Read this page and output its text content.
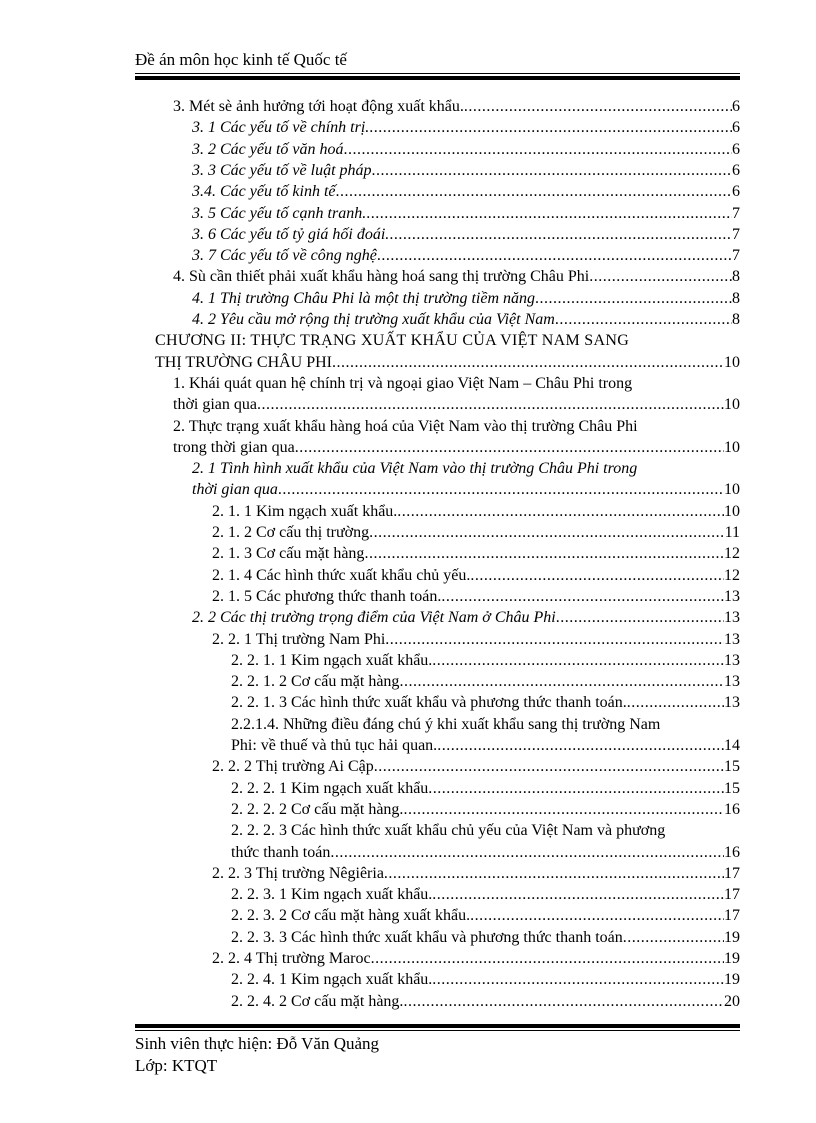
Đề án môn học kinh tế Quốc tế
3. Mét sè ảnh hưởng tới hoạt động xuất khẩu. .....	6
3. 1 Các yếu tố về chính trị. .....	6
3. 2 Các yếu tố văn hoá .....	6
3. 3 Các yếu tố về luật pháp .....	6
3.4. Các yếu tố kinh tế .....	6
3. 5 Các yếu tố cạnh tranh. .....	7
3. 6 Các yếu tố tỷ giá hối đoái. .....	7
3. 7 Các yếu tố về công nghệ .....	7
4. Sù cần thiết phải xuất khẩu hàng hoá sang thị trường Châu Phi .....	8
4. 1 Thị trường Châu Phi là một thị trường tiềm năng .....	8
4. 2 Yêu cầu mở rộng thị trường xuất khẩu của Việt Nam .....	8
CHƯƠNG II: THỰC TRẠNG XUẤT KHẨU CỦA VIỆT NAM SANG
THỊ TRƯỜNG CHÂU PHI .....	10
1. Khái quát quan hệ chính trị và ngoại giao Việt Nam – Châu Phi trong
thời gian qua .....	10
2. Thực trạng xuất khẩu hàng hoá của Việt Nam vào thị trường Châu Phi
trong thời gian qua .....	10
2. 1 Tình hình xuất khẩu của Việt Nam vào thị trường Châu Phi trong
thời gian qua .....	10
2. 1. 1 Kim ngạch xuất khẩu. .....	10
2. 1. 2 Cơ cấu thị trường .....	11
2. 1. 3 Cơ cấu mặt hàng .....	12
2. 1. 4 Các hình thức xuất khẩu chủ yếu. .....	12
2. 1. 5 Các phương thức thanh toán. .....	13
2. 2 Các thị trường trọng điểm của Việt Nam ở Châu Phi .....	13
2. 2. 1 Thị trường Nam Phi .....	13
2. 2. 1. 1 Kim ngạch xuất khẩu. .....	13
2. 2. 1. 2 Cơ cấu mặt hàng .....	13
2. 2. 1. 3 Các hình thức xuất khẩu và phương thức thanh toán. .....	13
2.2.1.4. Những điều đáng chú ý khi xuất khẩu sang thị trường Nam
Phi: về thuế và thủ tục hải quan. .....	14
2. 2. 2 Thị trường Ai Cập .....	15
2. 2. 2. 1 Kim ngạch xuất khẩu .....	15
2. 2. 2. 2 Cơ cấu mặt hàng. .....	16
2. 2. 2. 3 Các hình thức xuất khẩu chủ yếu của Việt Nam và phương
thức thanh toán .....	16
2. 2. 3 Thị trường Nêgiêria .....	17
2. 2. 3. 1 Kim ngạch xuất khẩu. .....	17
2. 2. 3. 2 Cơ cấu mặt hàng xuất khẩu. .....	17
2. 2. 3. 3 Các hình thức xuất khẩu và phương thức thanh toán .....	19
2. 2. 4 Thị trường Maroc .....	19
2. 2. 4. 1 Kim ngạch xuất khẩu. .....	19
2. 2. 4. 2 Cơ cấu mặt hàng. .....	20
Sinh viên thực hiện: Đỗ Văn Quảng
Lớp: KTQT
